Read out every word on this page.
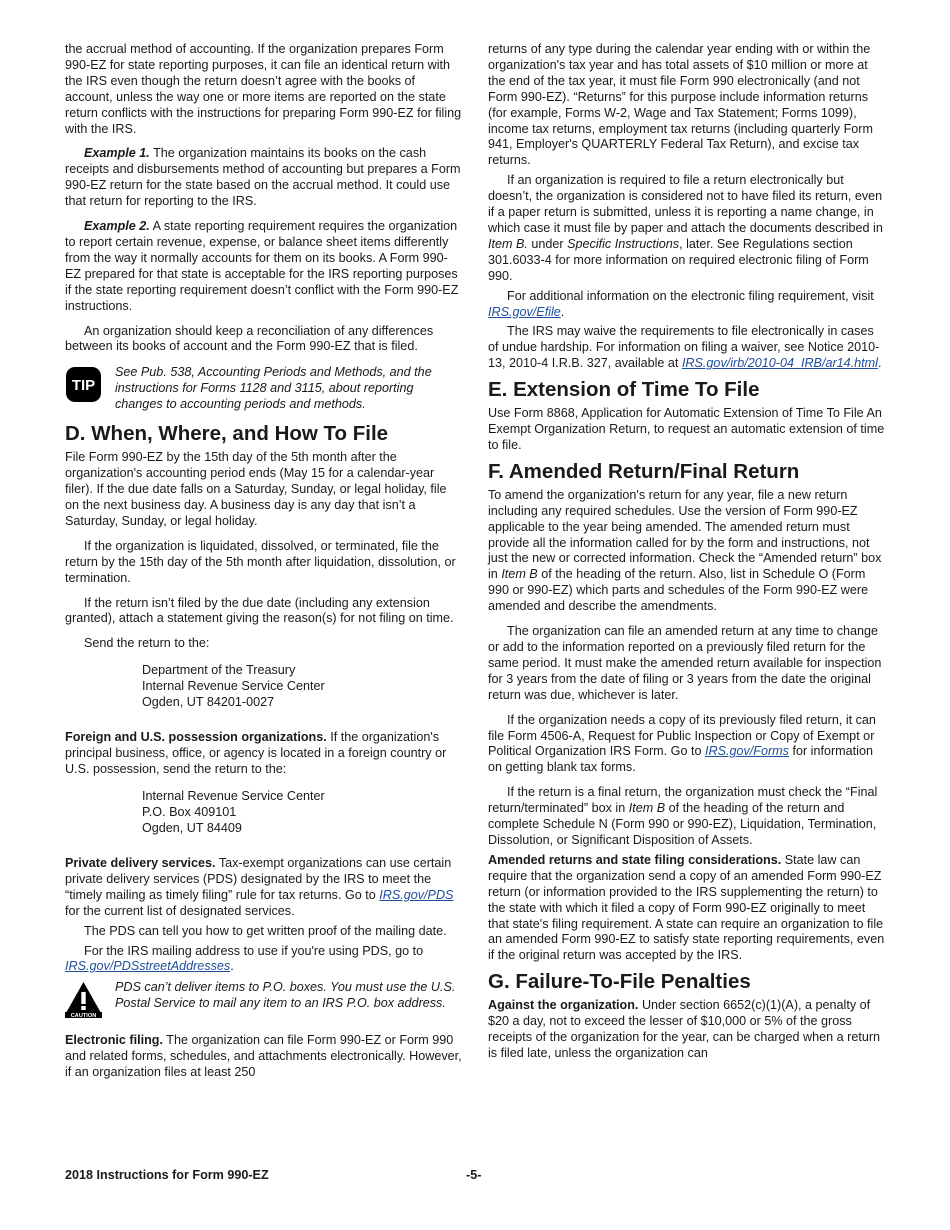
the accrual method of accounting. If the organization prepares Form 990-EZ for state reporting purposes, it can file an identical return with the IRS even though the return doesn’t agree with the books of account, unless the way one or more items are reported on the state return conflicts with the instructions for preparing Form 990-EZ for filing with the IRS.

Example 1. The organization maintains its books on the cash receipts and disbursements method of accounting but prepares a Form 990-EZ return for the state based on the accrual method. It could use that return for reporting to the IRS.

Example 2. A state reporting requirement requires the organization to report certain revenue, expense, or balance sheet items differently from the way it normally accounts for them on its books. A Form 990-EZ prepared for that state is acceptable for the IRS reporting purposes if the state reporting requirement doesn’t conflict with the Form 990-EZ instructions.

An organization should keep a reconciliation of any differences between its books of account and the Form 990-EZ that is filed.

TIP
See Pub. 538, Accounting Periods and Methods, and the instructions for Forms 1128 and 3115, about reporting changes to accounting periods and methods.
D. When, Where, and How To File

File Form 990-EZ by the 15th day of the 5th month after the organization's accounting period ends (May 15 for a calendar-year filer). If the due date falls on a Saturday, Sunday, or legal holiday, file on the next business day. A business day is any day that isn’t a Saturday, Sunday, or legal holiday.

If the organization is liquidated, dissolved, or terminated, file the return by the 15th day of the 5th month after liquidation, dissolution, or termination.

If the return isn’t filed by the due date (including any extension granted), attach a statement giving the reason(s) for not filing on time.

Send the return to the:

Department of the Treasury
Internal Revenue Service Center
Ogden, UT 84201-0027

Foreign and U.S. possession organizations. If the organization's principal business, office, or agency is located in a foreign country or U.S. possession, send the return to the:

Internal Revenue Service Center
P.O. Box 409101
Ogden, UT 84409

Private delivery services. Tax-exempt organizations can use certain private delivery services (PDS) designated by the IRS to meet the “timely mailing as timely filing” rule for tax returns. Go to IRS.gov/PDS for the current list of designated services.

The PDS can tell you how to get written proof of the mailing date.

For the IRS mailing address to use if you're using PDS, go to IRS.gov/PDSstreetAddresses.

CAUTION
PDS can’t deliver items to P.O. boxes. You must use the U.S. Postal Service to mail any item to an IRS P.O. box address.

Electronic filing. The organization can file Form 990-EZ or Form 990 and related forms, schedules, and attachments electronically. However, if an organization files at least 250

returns of any type during the calendar year ending with or within the organization's tax year and has total assets of $10 million or more at the end of the tax year, it must file Form 990 electronically (and not Form 990-EZ). “Returns” for this purpose include information returns (for example, Forms W-2, Wage and Tax Statement; Forms 1099), income tax returns, employment tax returns (including quarterly Form 941, Employer's QUARTERLY Federal Tax Return), and excise tax returns.

If an organization is required to file a return electronically but doesn’t, the organization is considered not to have filed its return, even if a paper return is submitted, unless it is reporting a name change, in which case it must file by paper and attach the documents described in Item B. under Specific Instructions, later. See Regulations section 301.6033-4 for more information on required electronic filing of Form 990.

For additional information on the electronic filing requirement, visit IRS.gov/Efile.

The IRS may waive the requirements to file electronically in cases of undue hardship. For information on filing a waiver, see Notice 2010-13, 2010-4 I.R.B. 327, available at IRS.gov/irb/2010-04_IRB/ar14.html.

E. Extension of Time To File

Use Form 8868, Application for Automatic Extension of Time To File An Exempt Organization Return, to request an automatic extension of time to file.

F. Amended Return/Final Return

To amend the organization's return for any year, file a new return including any required schedules. Use the version of Form 990-EZ applicable to the year being amended. The amended return must provide all the information called for by the form and instructions, not just the new or corrected information. Check the “Amended return” box in Item B of the heading of the return. Also, list in Schedule O (Form 990 or 990-EZ) which parts and schedules of the Form 990-EZ were amended and describe the amendments.

The organization can file an amended return at any time to change or add to the information reported on a previously filed return for the same period. It must make the amended return available for inspection for 3 years from the date of filing or 3 years from the date the original return was due, whichever is later.

If the organization needs a copy of its previously filed return, it can file Form 4506-A, Request for Public Inspection or Copy of Exempt or Political Organization IRS Form. Go to IRS.gov/Forms for information on getting blank tax forms.

If the return is a final return, the organization must check the “Final return/terminated” box in Item B of the heading of the return and complete Schedule N (Form 990 or 990-EZ), Liquidation, Termination, Dissolution, or Significant Disposition of Assets.

Amended returns and state filing considerations. State law can require that the organization send a copy of an amended Form 990-EZ return (or information provided to the IRS supplementing the return) to the state with which it filed a copy of Form 990-EZ originally to meet that state's filing requirement. A state can require an organization to file an amended Form 990-EZ to satisfy state reporting requirements, even if the original return was accepted by the IRS.

G. Failure-To-File Penalties

Against the organization. Under section 6652(c)(1)(A), a penalty of $20 a day, not to exceed the lesser of $10,000 or 5% of the gross receipts of the organization for the year, can be charged when a return is filed late, unless the organization can

2018 Instructions for Form 990-EZ	-5-
